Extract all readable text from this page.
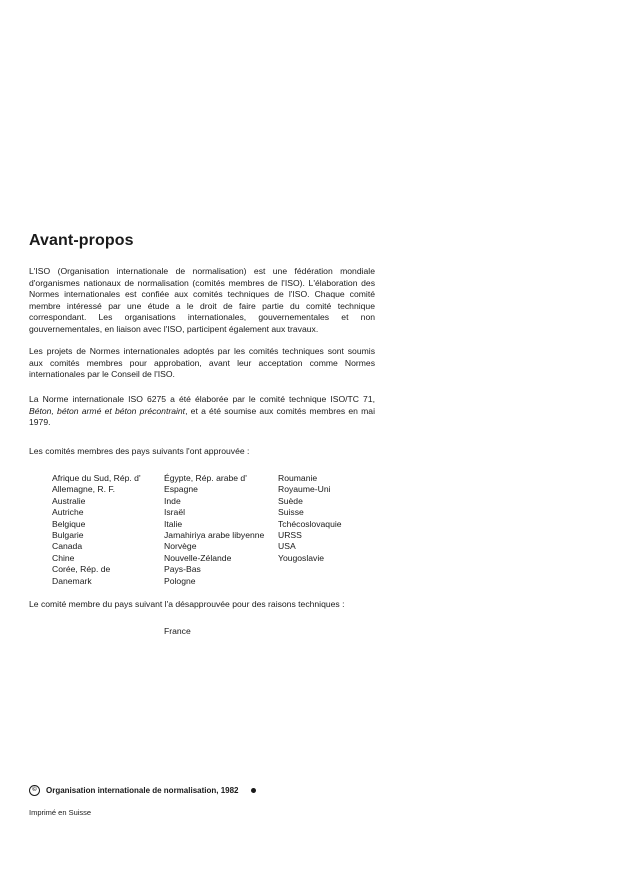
Avant-propos

L'ISO (Organisation internationale de normalisation) est une fédération mondiale d'organismes nationaux de normalisation (comités membres de l'ISO). L'élaboration des Normes internationales est confiée aux comités techniques de l'ISO. Chaque comité membre intéressé par une étude a le droit de faire partie du comité technique correspondant. Les organisations internationales, gouvernementales et non gouvernementales, en liaison avec l'ISO, participent également aux travaux.

Les projets de Normes internationales adoptés par les comités techniques sont soumis aux comités membres pour approbation, avant leur acceptation comme Normes internationales par le Conseil de l'ISO.

La Norme internationale ISO 6275 a été élaborée par le comité technique ISO/TC 71, Béton, béton armé et béton précontraint, et a été soumise aux comités membres en mai 1979.

Les comités membres des pays suivants l'ont approuvée :

Afrique du Sud, Rép. d'
Allemagne, R. F.
Australie
Autriche
Belgique
Bulgarie
Canada
Chine
Corée, Rép. de
Danemark
Égypte, Rép. arabe d'
Espagne
Inde
Israël
Italie
Jamahiriya arabe libyenne
Norvège
Nouvelle-Zélande
Pays-Bas
Pologne
Roumanie
Royaume-Uni
Suède
Suisse
Tchécoslovaquie
URSS
USA
Yougoslavie

Le comité membre du pays suivant l'a désapprouvée pour des raisons techniques :

France

©	Organisation internationale de normalisation, 1982

Imprimé en Suisse
